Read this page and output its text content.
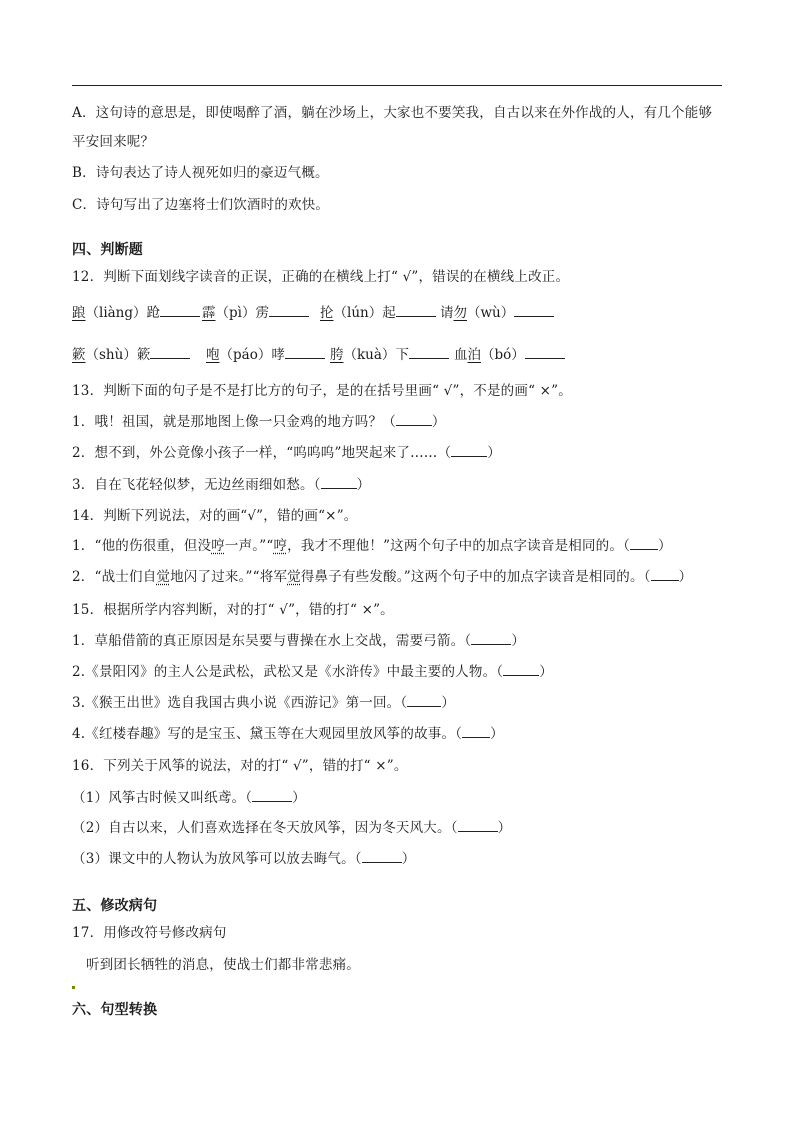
A．这句诗的意思是，即使喝醉了酒，躺在沙场上，大家也不要笑我，自古以来在外作战的人，有几个能够
平安回来呢？
B．诗句表达了诗人视死如归的豪迈气概。
C．诗句写出了边塞将士们饮酒时的欢快。
四、判断题
12．判断下面划线字读音的正误，正确的在横线上打“ √”，错误的在横线上改正。
踉（liàng）跄	霹（pì）雳	抡（lún）起	请勿（wù）
簌（shù）簌	咆（páo）哮	胯（kuà）下	血泊（bó）
13．判断下面的句子是不是打比方的句子，是的在括号里画“ √”，不是的画“ ×”。
1．哦！祖国，就是那地图上像一只金鸡的地方吗？（	）
2．想不到，外公竟像小孩子一样，“呜呜呜”地哭起来了……（	）
3．自在飞花轻似梦，无边丝雨细如愁。（	）
14．判断下列说法，对的画“√”，错的画“×”。
1．“他的伤很重，但没哼一声。”“哼，我才不理他！”这两个句子中的加点字读音是相同的。（ ）
2．“战士们自觉地闪了过来。”“将军觉得鼻子有些发酸。”这两个句子中的加点字读音是相同的。（ ）
15．根据所学内容判断，对的打“ √”，错的打“ ×”。
1．草船借箭的真正原因是东吴要与曹操在水上交战，需要弓箭。（	）
2.《景阳冈》的主人公是武松，武松又是《水浒传》中最主要的人物。（	）
3.《猴王出世》选自我国古典小说《西游记》第一回。（	）
4.《红楼春趣》写的是宝玉、黛玉等在大观园里放风筝的故事。（ ）
16．下列关于风筝的说法，对的打“ √”，错的打“ ×”。
（1）风筝古时候又叫纸鸢。（	）
（2）自古以来，人们喜欢选择在冬天放风筝，因为冬天风大。（	）
（3）课文中的人物认为放风筝可以放去晦气。（	）
五、修改病句
17．用修改符号修改病句
听到团长牺牲的消息，使战士们都非常悲痛。
六、句型转换
